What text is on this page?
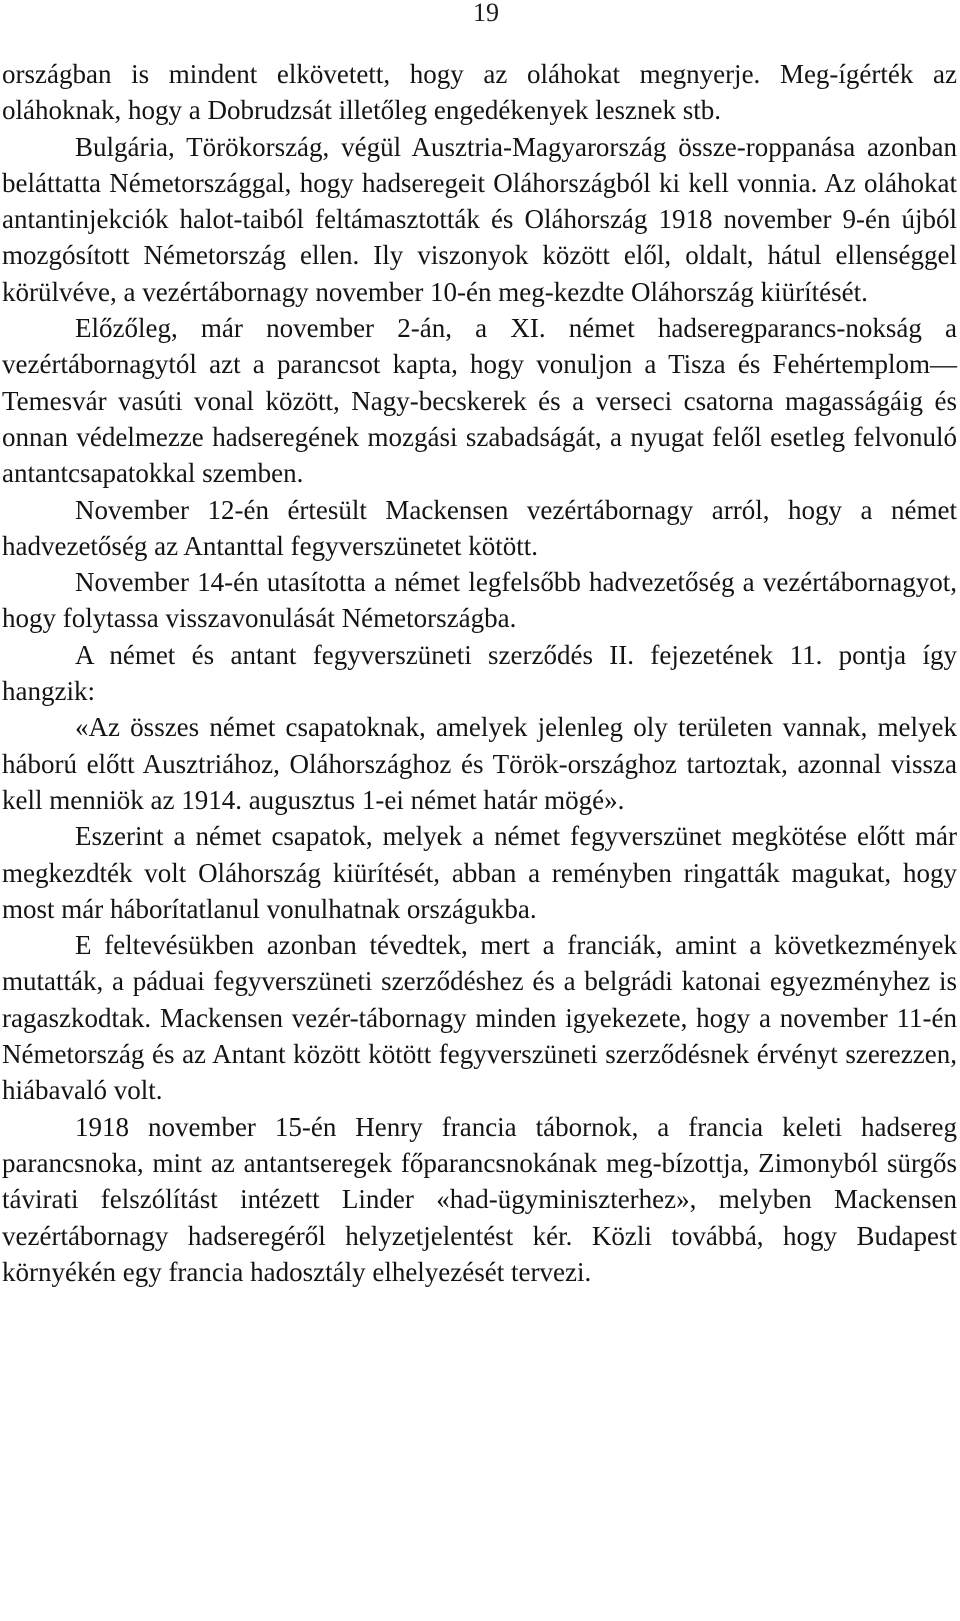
19

országban is mindent elkövetett, hogy az oláhokat megnyerje. Meg-ígérték az oláhoknak, hogy a Dobrudzsát illetőleg engedékenyek lesznek stb.

Bulgária, Törökország, végül Ausztria-Magyarország össze-roppanása azonban beláttatta Németországgal, hogy hadseregeit Oláhországból ki kell vonnia. Az oláhokat antantinjekciók halot-taiból feltámasztották és Oláhország 1918 november 9-én újból mozgósított Németország ellen. Ily viszonyok között elől, oldalt, hátul ellenséggel körülvéve, a vezértábornagy november 10-én meg-kezdte Oláhország kiürítését.

Előzőleg, már november 2-án, a XI. német hadseregparancs-nokság a vezértábornagytól azt a parancsot kapta, hogy vonuljon a Tisza és Fehértemplom—Temesvár vasúti vonal között, Nagy-becskerek és a verseci csatorna magasságáig és onnan védelmezze hadseregének mozgási szabadságát, a nyugat felől esetleg felvonuló antantcsapatokkal szemben.

November 12-én értesült Mackensen vezértábornagy arról, hogy a német hadvezetőség az Antanttal fegyverszünetet kötött.

November 14-én utasította a német legfelsőbb hadvezetőség a vezértábornagyot, hogy folytassa visszavonulását Németországba.

A német és antant fegyverszüneti szerződés II. fejezetének 11. pontja így hangzik:

«Az összes német csapatoknak, amelyek jelenleg oly területen vannak, melyek háború előtt Ausztriához, Oláhországhoz és Török-országhoz tartoztak, azonnal vissza kell menniök az 1914. augusztus 1-ei német határ mögé».

Eszerint a német csapatok, melyek a német fegyverszünet megkötése előtt már megkezdték volt Oláhország kiürítését, abban a reményben ringatták magukat, hogy most már háborítatlanul vonulhatnak országukba.

E feltevésükben azonban tévedtek, mert a franciák, amint a következmények mutatták, a páduai fegyverszüneti szerződéshez és a belgrádi katonai egyezményhez is ragaszkodtak. Mackensen vezér-tábornagy minden igyekezete, hogy a november 11-én Németország és az Antant között kötött fegyverszüneti szerződésnek érvényt szerezzen, hiábavaló volt.

1918 november 15-én Henry francia tábornok, a francia keleti hadsereg parancsnoka, mint az antantseregek főparancsnokának meg-bízottja, Zimonyból sürgős távirati felszólítást intézett Linder «had-ügyminiszterhez», melyben Mackensen vezértábornagy hadseregéről helyzetjelentést kér. Közli továbbá, hogy Budapest környékén egy francia hadosztály elhelyezését tervezi.
